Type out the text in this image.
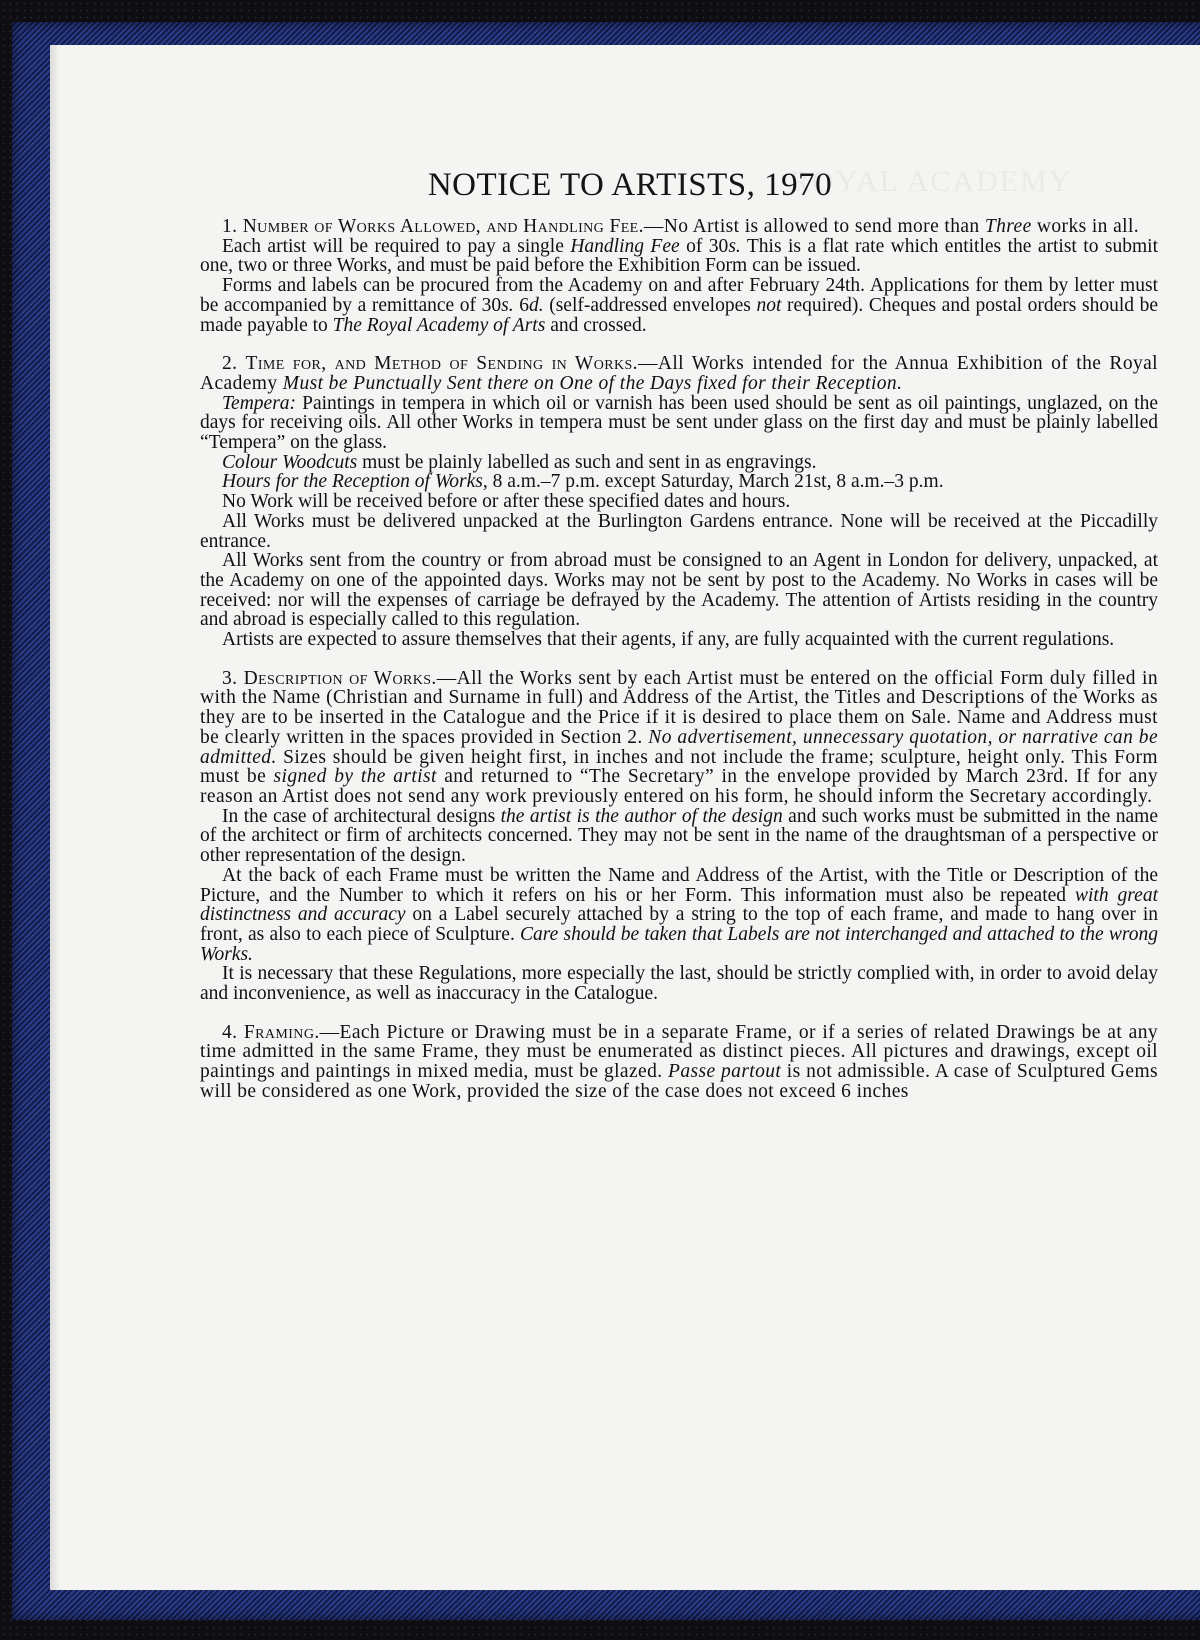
NOTICE TO ARTISTS, 1970

1. Number of Works Allowed, and Handling Fee.—No Artist is allowed to send more than Three works in all.

Each artist will be required to pay a single Handling Fee of 30s. This is a flat rate which entitles the artist to submit one, two or three Works, and must be paid before the Exhibition Form can be issued.

Forms and labels can be procured from the Academy on and after February 24th. Applications for them by letter must be accompanied by a remittance of 30s. 6d. (self-addressed envelopes not required). Cheques and postal orders should be made payable to The Royal Academy of Arts and crossed.

2. Time for, and Method of Sending in Works.—All Works intended for the Annua Exhibition of the Royal Academy Must be Punctually Sent there on One of the Days fixed for their Reception.

Tempera: Paintings in tempera in which oil or varnish has been used should be sent as oil paintings, unglazed, on the days for receiving oils. All other Works in tempera must be sent under glass on the first day and must be plainly labelled “Tempera” on the glass.

Colour Woodcuts must be plainly labelled as such and sent in as engravings.

Hours for the Reception of Works, 8 a.m.–7 p.m. except Saturday, March 21st, 8 a.m.–3 p.m.

No Work will be received before or after these specified dates and hours.

All Works must be delivered unpacked at the Burlington Gardens entrance. None will be received at the Piccadilly entrance.

All Works sent from the country or from abroad must be consigned to an Agent in London for delivery, unpacked, at the Academy on one of the appointed days. Works may not be sent by post to the Academy. No Works in cases will be received: nor will the expenses of carriage be defrayed by the Academy. The attention of Artists residing in the country and abroad is especially called to this regulation.

Artists are expected to assure themselves that their agents, if any, are fully acquainted with the current regulations.

3. Description of Works.—All the Works sent by each Artist must be entered on the official Form duly filled in with the Name (Christian and Surname in full) and Address of the Artist, the Titles and Descriptions of the Works as they are to be inserted in the Catalogue and the Price if it is desired to place them on Sale. Name and Address must be clearly written in the spaces provided in Section 2. No advertisement, unnecessary quotation, or narrative can be admitted. Sizes should be given height first, in inches and not include the frame; sculpture, height only. This Form must be signed by the artist and returned to “The Secretary” in the envelope provided by March 23rd. If for any reason an Artist does not send any work previously entered on his form, he should inform the Secretary accordingly.

In the case of architectural designs the artist is the author of the design and such works must be submitted in the name of the architect or firm of architects concerned. They may not be sent in the name of the draughtsman of a perspective or other representation of the design.

At the back of each Frame must be written the Name and Address of the Artist, with the Title or Description of the Picture, and the Number to which it refers on his or her Form. This information must also be repeated with great distinctness and accuracy on a Label securely attached by a string to the top of each frame, and made to hang over in front, as also to each piece of Sculpture. Care should be taken that Labels are not interchanged and attached to the wrong Works.

It is necessary that these Regulations, more especially the last, should be strictly complied with, in order to avoid delay and inconvenience, as well as inaccuracy in the Catalogue.

4. Framing.—Each Picture or Drawing must be in a separate Frame, or if a series of related Drawings be at any time admitted in the same Frame, they must be enumerated as distinct pieces. All pictures and drawings, except oil paintings and paintings in mixed media, must be glazed. Passe partout is not admissible. A case of Sculptured Gems will be considered as one Work, provided the size of the case does not exceed 6 inches
